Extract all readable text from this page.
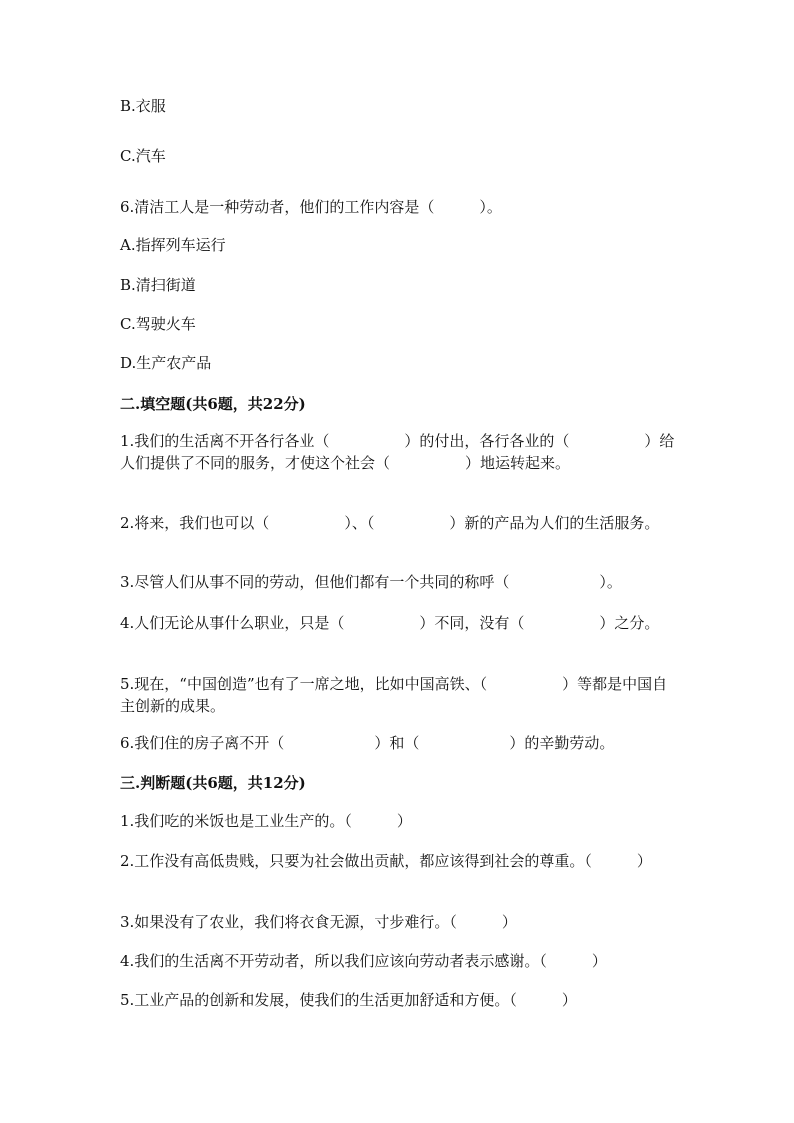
B.衣服
C.汽车
6.清洁工人是一种劳动者，他们的工作内容是（　　　）。
A.指挥列车运行
B.清扫街道
C.驾驶火车
D.生产农产品
二.填空题(共6题，共22分)
1.我们的生活离不开各行各业（　　　　　）的付出，各行各业的（　　　　　）给人们提供了不同的服务，才使这个社会（　　　　　）地运转起来。
2.将来，我们也可以（　　　　　）、（　　　　　）新的产品为人们的生活服务。
3.尽管人们从事不同的劳动，但他们都有一个共同的称呼（　　　　　　）。
4.人们无论从事什么职业，只是（　　　　　）不同，没有（　　　　　）之分。
5.现在，“中国创造”也有了一席之地，比如中国高铁、（　　　　　）等都是中国自主创新的成果。
6.我们住的房子离不开（　　　　　　）和（　　　　　　）的辛勤劳动。
三.判断题(共6题，共12分)
1.我们吃的米饭也是工业生产的。（　　　）
2.工作没有高低贵贱，只要为社会做出贡献，都应该得到社会的尊重。（　　　）
3.如果没有了农业，我们将衣食无源，寸步难行。（　　　）
4.我们的生活离不开劳动者，所以我们应该向劳动者表示感谢。（　　　）
5.工业产品的创新和发展，使我们的生活更加舒适和方便。（　　　）
